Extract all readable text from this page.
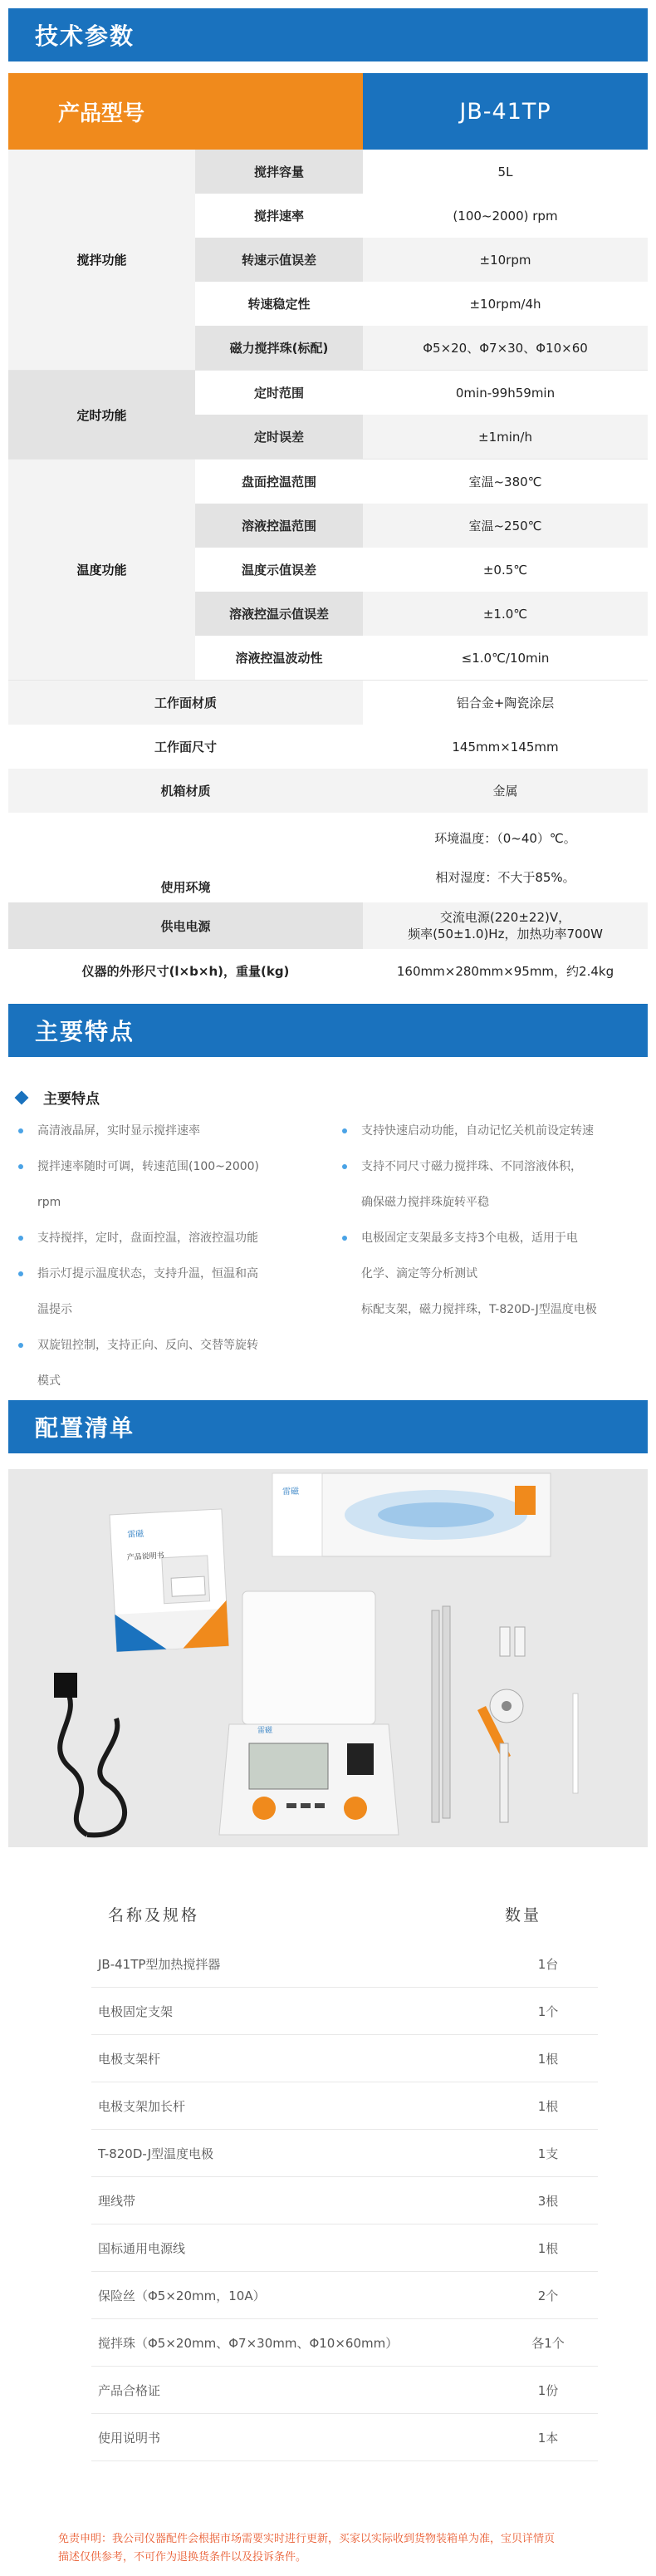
技术参数
产品型号	JB-41TP
搅拌功能
搅拌容量	5L
搅拌速率	(100~2000) rpm
转速示值误差	±10rpm
转速稳定性	±10rpm/4h
磁力搅拌珠(标配)	Φ5×20、Φ7×30、Φ10×60
定时功能
定时范围	0min-99h59min
定时误差	±1min/h
温度功能
盘面控温范围	室温~380℃
溶液控温范围	室温~250℃
温度示值误差	±0.5℃
溶液控温示值误差	±1.0℃
溶液控温波动性	≤1.0℃/10min
工作面材质	铝合金+陶瓷涂层
工作面尺寸	145mm×145mm
机箱材质	金属
使用环境
环境温度：（0~40）℃。
相对湿度：不大于85%。
供电电源
交流电源(220±22)V，
频率(50±1.0)Hz，加热功率700W
仪器的外形尺寸(l×b×h)，重量(kg)	160mm×280mm×95mm，约2.4kg
主要特点
主要特点
高清液晶屏，实时显示搅拌速率
搅拌速率随时可调，转速范围(100~2000)
rpm
支持搅拌，定时，盘面控温，溶液控温功能
指示灯提示温度状态，支持升温，恒温和高
温提示
双旋钮控制，支持正向、反向、交替等旋转
模式
支持快速启动功能，自动记忆关机前设定转速
支持不同尺寸磁力搅拌珠、不同溶液体积，
确保磁力搅拌珠旋转平稳
电极固定支架最多支持3个电极，适用于电
化学、滴定等分析测试
标配支架，磁力搅拌珠，T-820D-J型温度电极
配置清单
雷磁
产品说明书
雷磁
雷磁
名称及规格	数量
JB-41TP型加热搅拌器	1台
电极固定支架	1个
电极支架杆	1根
电极支架加长杆	1根
T-820D-J型温度电极	1支
理线带	3根
国标通用电源线	1根
保险丝（Φ5×20mm，10A）	2个
搅拌珠（Φ5×20mm、Φ7×30mm、Φ10×60mm）	各1个
产品合格证	1份
使用说明书	1本
免责申明：我公司仪器配件会根据市场需要实时进行更新，买家以实际收到货物装箱单为准，宝贝详情页
描述仅供参考，不可作为退换货条件以及投诉条件。
